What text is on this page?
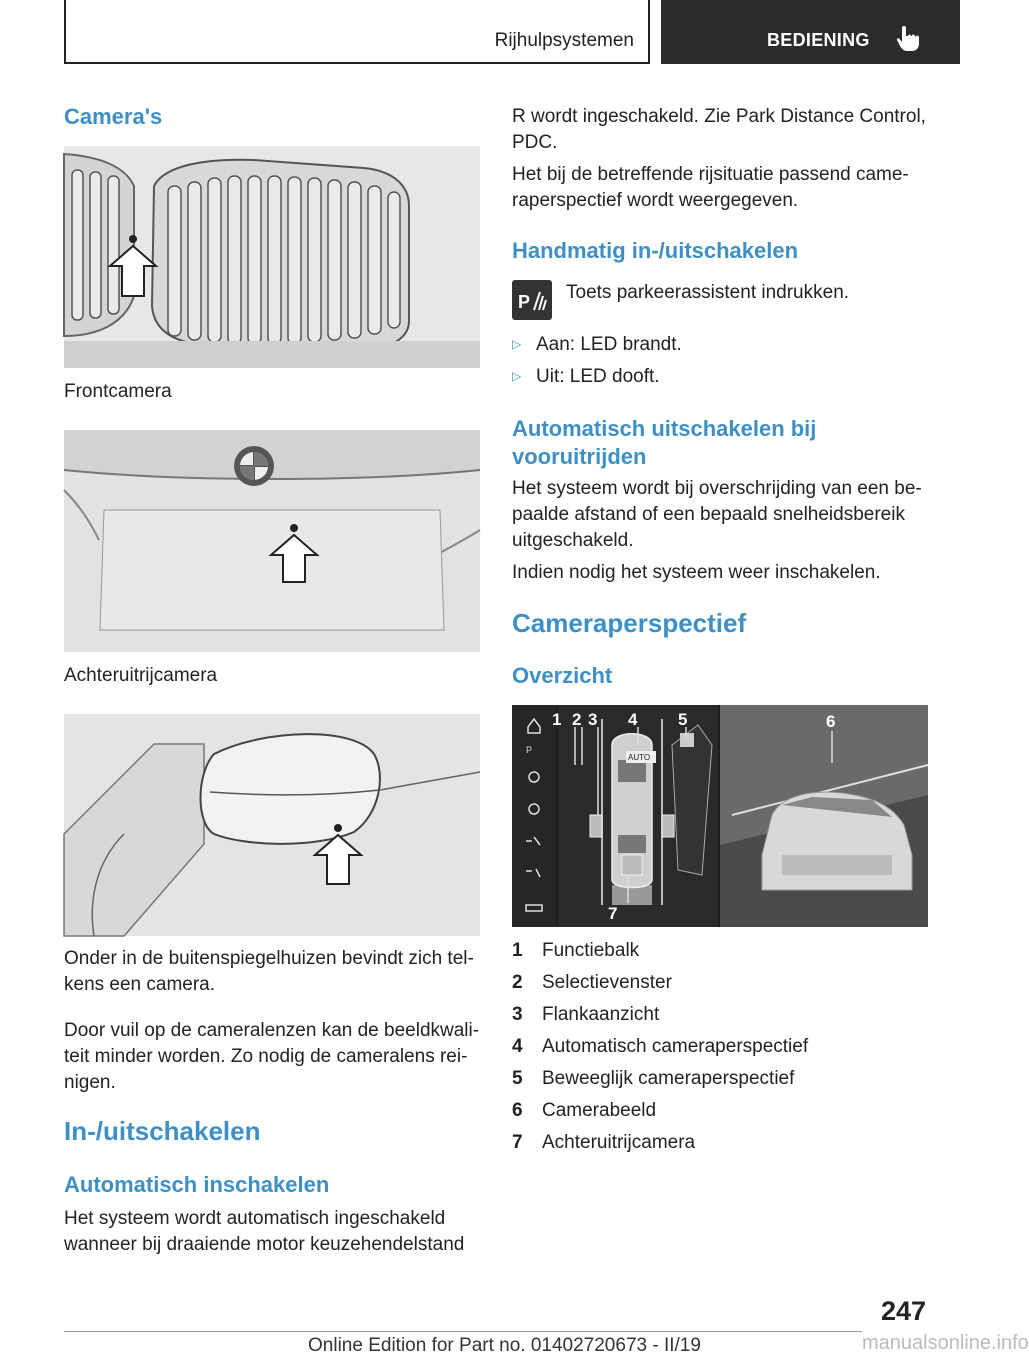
Rijhulpsystemen	BEDIENING
Camera's
Frontcamera
Achteruitrijcamera
Onder in de buitenspiegelhuizen bevindt zich tel‐
kens een camera.
Door vuil op de cameralenzen kan de beeldkwali‐
teit minder worden. Zo nodig de cameralens rei‐
nigen.
In-/uitschakelen
Automatisch inschakelen
Het systeem wordt automatisch ingeschakeld
wanneer bij draaiende motor keuzehendelstand
R wordt ingeschakeld. Zie Park Distance Control,
PDC.
Het bij de betreffende rijsituatie passend came‐
raperspectief wordt weergegeven.
Handmatig in-/uitschakelen
P Toets parkeerassistent indrukken.
▷ Aan: LED brandt.
▷ Uit: LED dooft.
Automatisch uitschakelen bij
vooruitrijden
Het systeem wordt bij overschrijding van een be‐
paalde afstand of een bepaald snelheidsbereik
uitgeschakeld.
Indien nodig het systeem weer inschakelen.
Cameraperspectief
Overzicht
P
AUTO
1 2 3 4 5	6
7
1 Functiebalk
2 Selectievenster
3 Flankaanzicht
4 Automatisch cameraperspectief
5 Beweeglijk cameraperspectief
6 Camerabeeld
7 Achteruitrijcamera
247
Online Edition for Part no. 01402720673 - II/19	manualsonline.info
